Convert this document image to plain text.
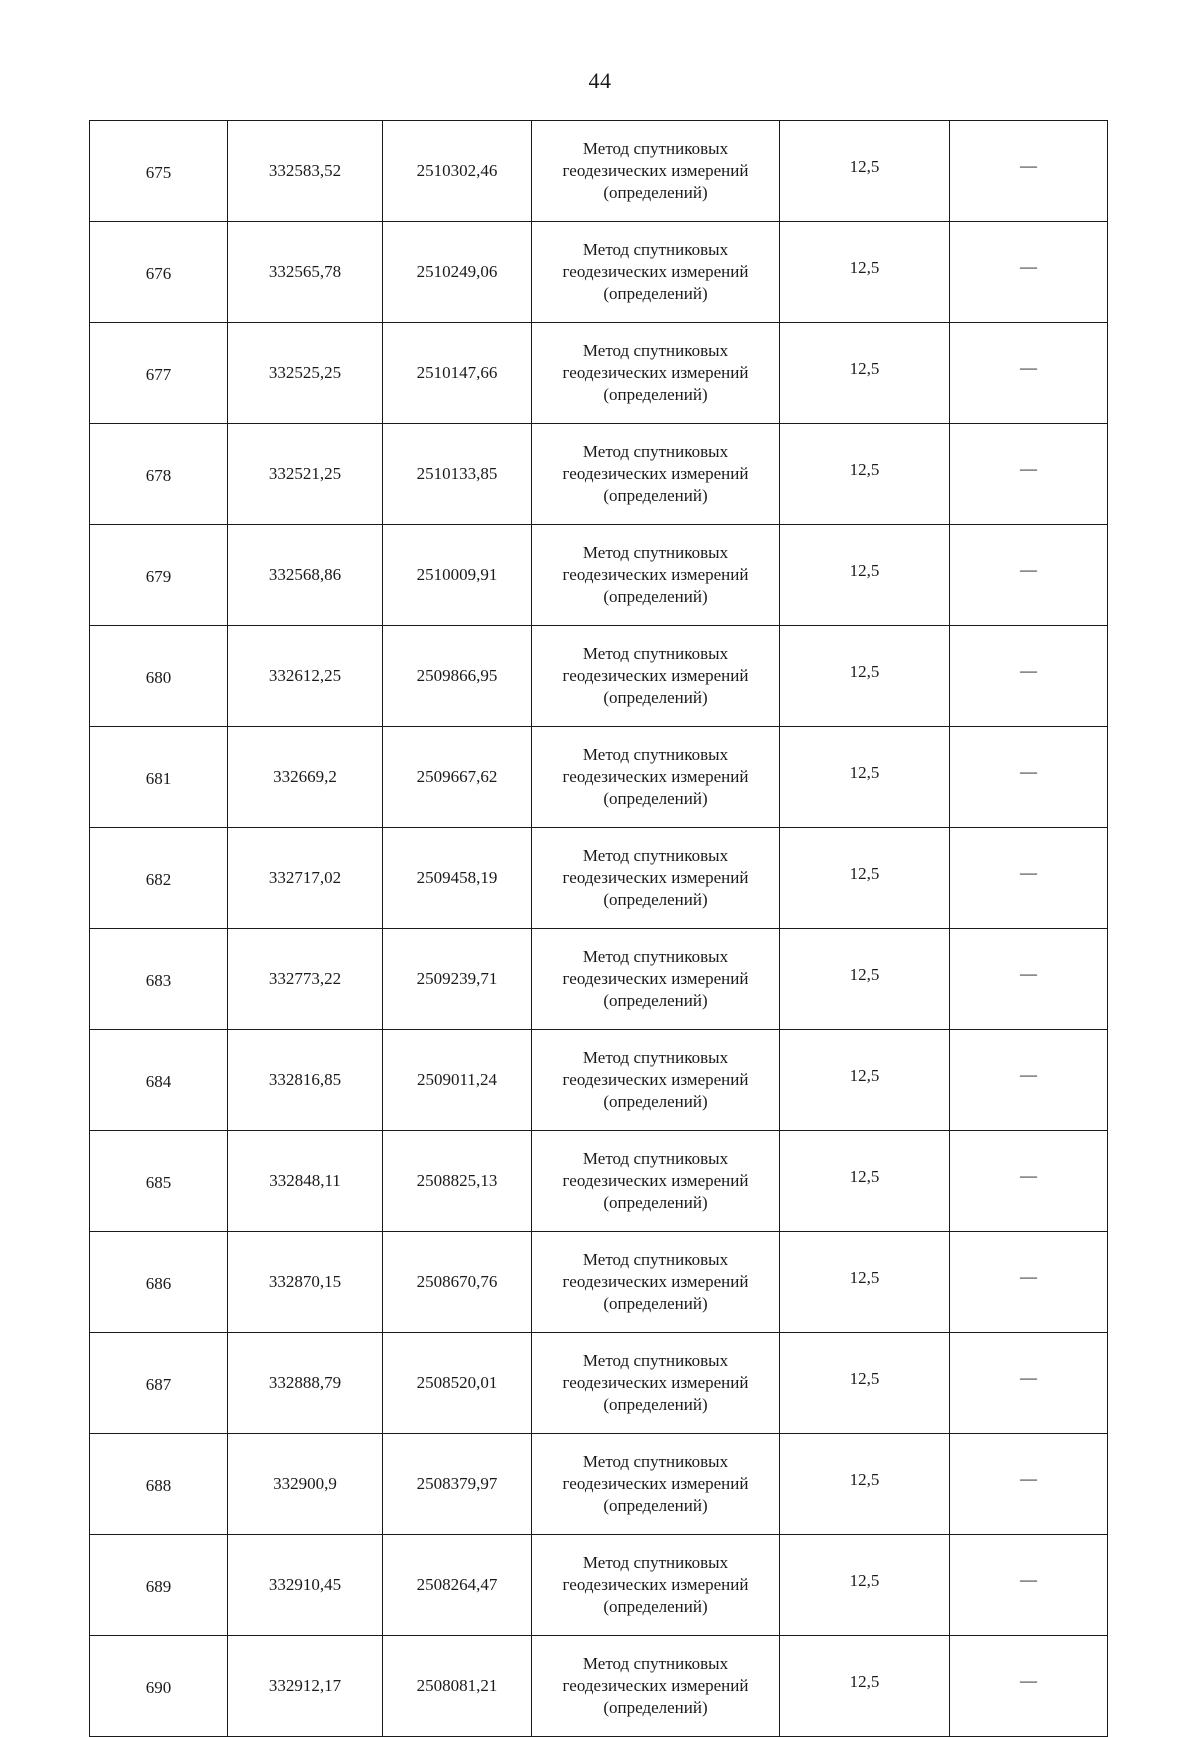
44
675	332583,52	2510302,46	Метод спутниковых
геодезических измерений
(определений)	12,5	—
676	332565,78	2510249,06	Метод спутниковых
геодезических измерений
(определений)	12,5	—
677	332525,25	2510147,66	Метод спутниковых
геодезических измерений
(определений)	12,5	—
678	332521,25	2510133,85	Метод спутниковых
геодезических измерений
(определений)	12,5	—
679	332568,86	2510009,91	Метод спутниковых
геодезических измерений
(определений)	12,5	—
680	332612,25	2509866,95	Метод спутниковых
геодезических измерений
(определений)	12,5	—
681	332669,2	2509667,62	Метод спутниковых
геодезических измерений
(определений)	12,5	—
682	332717,02	2509458,19	Метод спутниковых
геодезических измерений
(определений)	12,5	—
683	332773,22	2509239,71	Метод спутниковых
геодезических измерений
(определений)	12,5	—
684	332816,85	2509011,24	Метод спутниковых
геодезических измерений
(определений)	12,5	—
685	332848,11	2508825,13	Метод спутниковых
геодезических измерений
(определений)	12,5	—
686	332870,15	2508670,76	Метод спутниковых
геодезических измерений
(определений)	12,5	—
687	332888,79	2508520,01	Метод спутниковых
геодезических измерений
(определений)	12,5	—
688	332900,9	2508379,97	Метод спутниковых
геодезических измерений
(определений)	12,5	—
689	332910,45	2508264,47	Метод спутниковых
геодезических измерений
(определений)	12,5	—
690	332912,17	2508081,21	Метод спутниковых
геодезических измерений
(определений)	12,5	—
